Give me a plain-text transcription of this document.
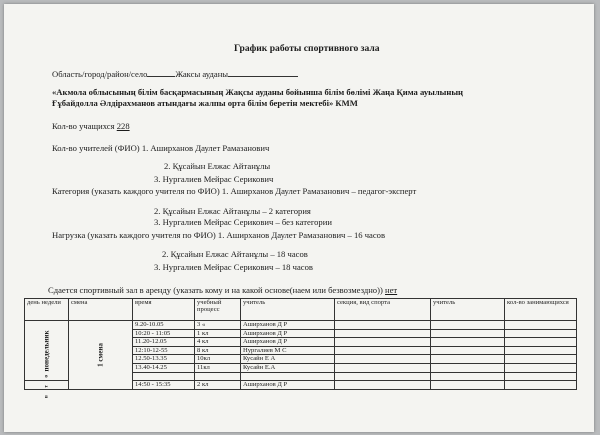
График работы спортивного зала
Область/город/район/село	Жаксы ауданы
«Акмола облысының білім басқармасының Жақсы ауданы бойынша білім бөлімі Жаңа Қима ауылының
Ғұбайдолла Әлдірахманов атындағы жалпы орта білім беретін мектебі» КММ
Кол-во учащихся 228
Кол-во учителей (ФИО) 1. Аширханов Даулет Рамазанович
2. Құсайын Елжас Айтанұлы
3. Нургалиев Мейрас Серикович
Категория (указать каждого учителя по ФИО) 1. Аширханов Даулет Рамазанович – педагог-эксперт
2. Құсайын Елжас Айтанұлы – 2 категория
3. Нургалиев Мейрас Серикович – без категории
Нагрузка (указать каждого учителя по ФИО) 1. Аширханов Даулет Рамазанович – 16 часов
2. Құсайын Елжас Айтанұлы – 18 часов
3. Нургалиев Мейрас Серикович – 18 часов
Сдается спортивный зал в аренду (указать кому и на какой основе(наем или безвозмездно)) нет
день недели	смена	время	учебный процесс	учитель	секция, вид спорта	учитель	кол-во занимающихся

понедельник	1 смена	9.20-10.05	3 «	Аширханов Д Р			
		10:20 - 11:05	1 кл	Аширханов Д Р			
		11.20-12.05	4 кл	Аширханов Д Р			
		12:10-12-55	8 кл	Нургалиев М С			
		12.50-13.35	10кл	Кусайн Е А			
		13.40-14.25	11кл	Кусайн Е.А			

в т о		14:50 - 15:35	2 кл	Аширханов Д Р			
